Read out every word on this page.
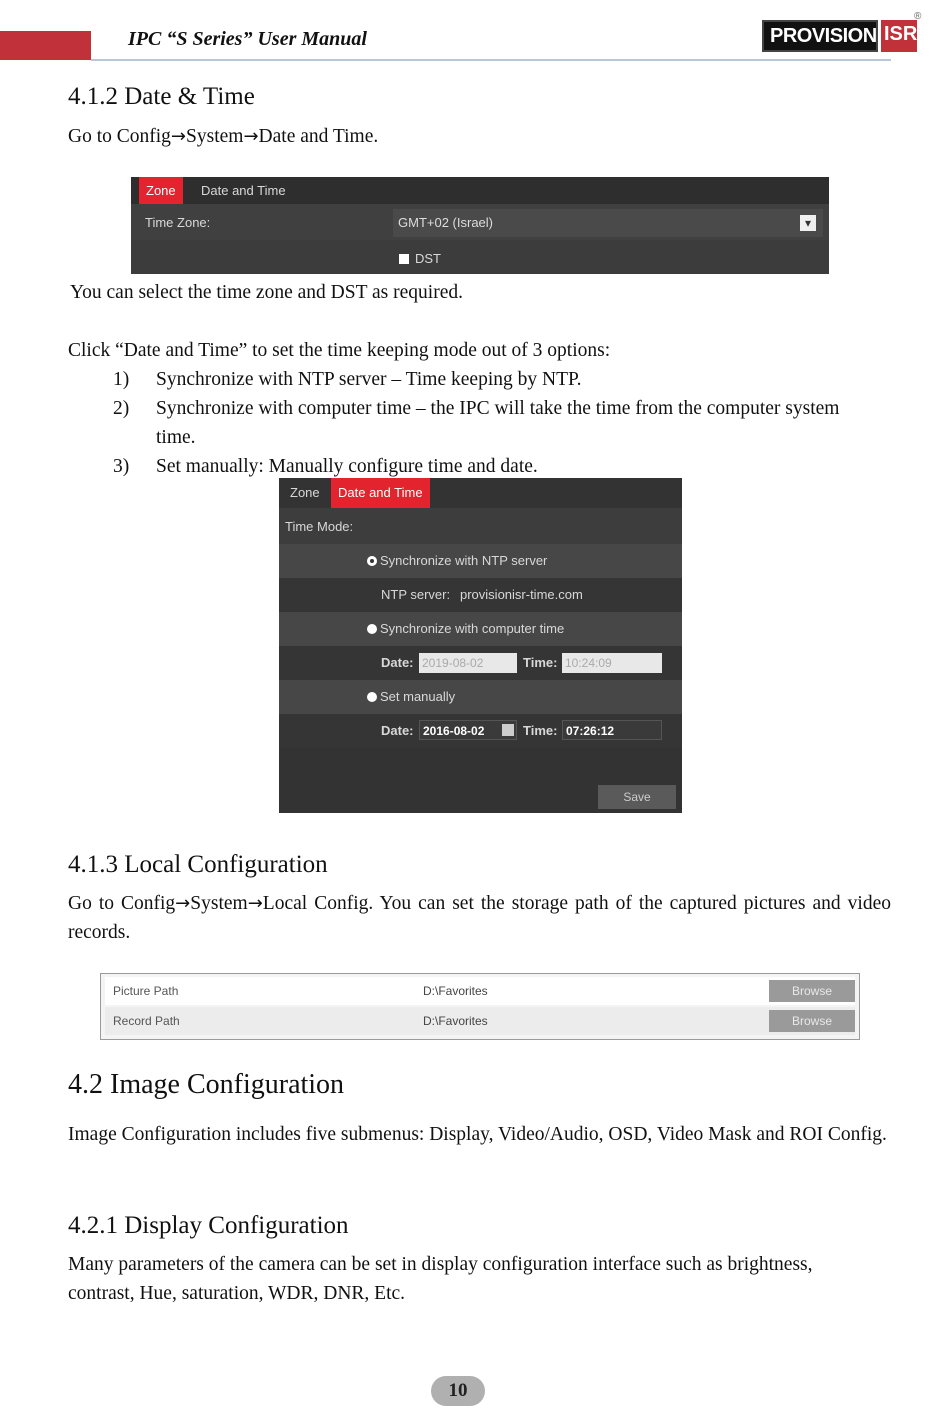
IPC “S Series” User Manual	PROVISION ISR
®
4.1.2 Date & Time
Go to Config→System→Date and Time.
Zone	Date and Time
Time Zone:	GMT+02 (Israel)	▾
DST
You can select the time zone and DST as required.
Click “Date and Time” to set the time keeping mode out of 3 options:
1) Synchronize with NTP server – Time keeping by NTP.
2) Synchronize with computer time – the IPC will take the time from the computer system time.
3) Set manually: Manually configure time and date.
Zone	Date and Time
Time Mode:
Synchronize with NTP server
NTP server: provisionisr-time.com
Synchronize with computer time
Date: 2019-08-02	Time: 10:24:09
Set manually
Date: 2016-08-02	Time: 07:26:12
Save
4.1.3 Local Configuration
Go to Config→System→Local Config. You can set the storage path of the captured pictures and video records.
Picture Path	D:\Favorites	Browse
Record Path	D:\Favorites	Browse
4.2 Image Configuration
Image Configuration includes five submenus: Display, Video/Audio, OSD, Video Mask and ROI Config.
4.2.1 Display Configuration
Many parameters of the camera can be set in display configuration interface such as brightness, contrast, Hue, saturation, WDR, DNR, Etc.
10
